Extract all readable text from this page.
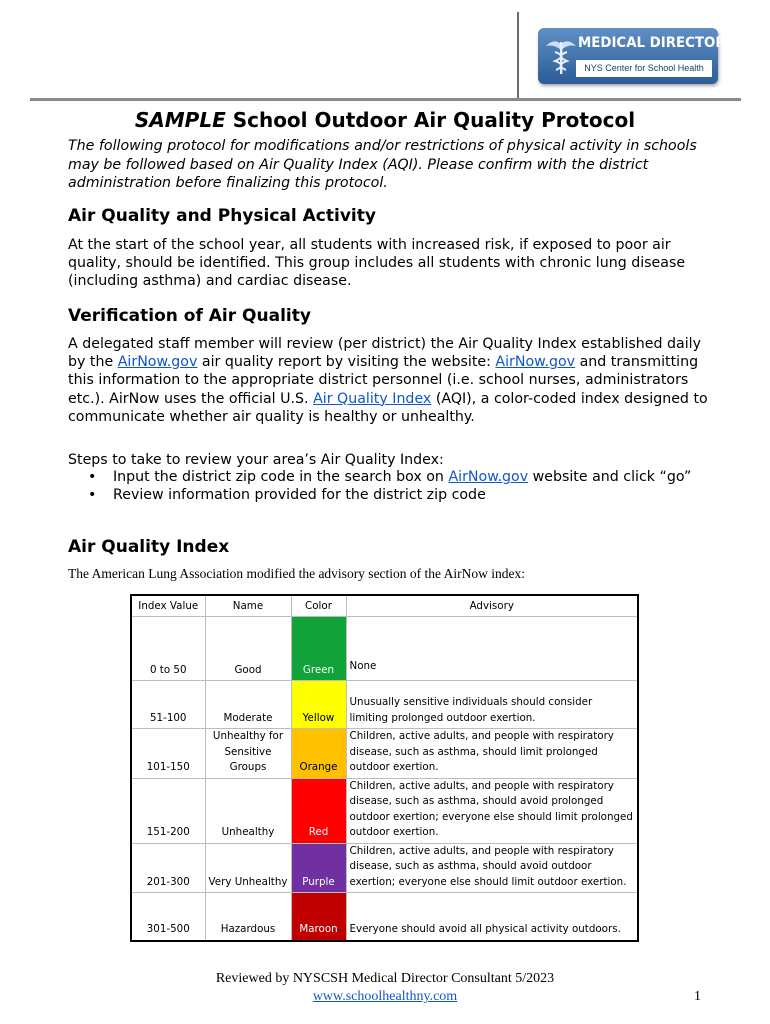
MEDICAL DIRECTORS
NYS Center for School Health
SAMPLE School Outdoor Air Quality Protocol

The following protocol for modifications and/or restrictions of physical activity in schools may be followed based on Air Quality Index (AQI). Please confirm with the district administration before finalizing this protocol.

Air Quality and Physical Activity

At the start of the school year, all students with increased risk, if exposed to poor air quality, should be identified. This group includes all students with chronic lung disease (including asthma) and cardiac disease.

Verification of Air Quality

A delegated staff member will review (per district) the Air Quality Index established daily by the AirNow.gov air quality report by visiting the website: AirNow.gov and transmitting this information to the appropriate district personnel (i.e. school nurses, administrators etc.). AirNow uses the official U.S. Air Quality Index (AQI), a color-coded index designed to communicate whether air quality is healthy or unhealthy.

Steps to take to review your area’s Air Quality Index:

• Input the district zip code in the search box on AirNow.gov website and click “go”
• Review information provided for the district zip code
Air Quality Index

The American Lung Association modified the advisory section of the AirNow index:

Index Value	Name	Color	Advisory
0 to 50	Good	Green	None
51-100	Moderate	Yellow	Unusually sensitive individuals should consider limiting prolonged outdoor exertion.
101-150	Unhealthy for Sensitive Groups	Orange	Children, active adults, and people with respiratory disease, such as asthma, should limit prolonged outdoor exertion.
151-200	Unhealthy	Red	Children, active adults, and people with respiratory disease, such as asthma, should avoid prolonged outdoor exertion; everyone else should limit prolonged outdoor exertion.
201-300	Very Unhealthy	Purple	Children, active adults, and people with respiratory disease, such as asthma, should avoid outdoor exertion; everyone else should limit outdoor exertion.
301-500	Hazardous	Maroon	Everyone should avoid all physical activity outdoors.
Reviewed by NYSCSH Medical Director Consultant 5/2023
www.schoolhealthny.com	1
